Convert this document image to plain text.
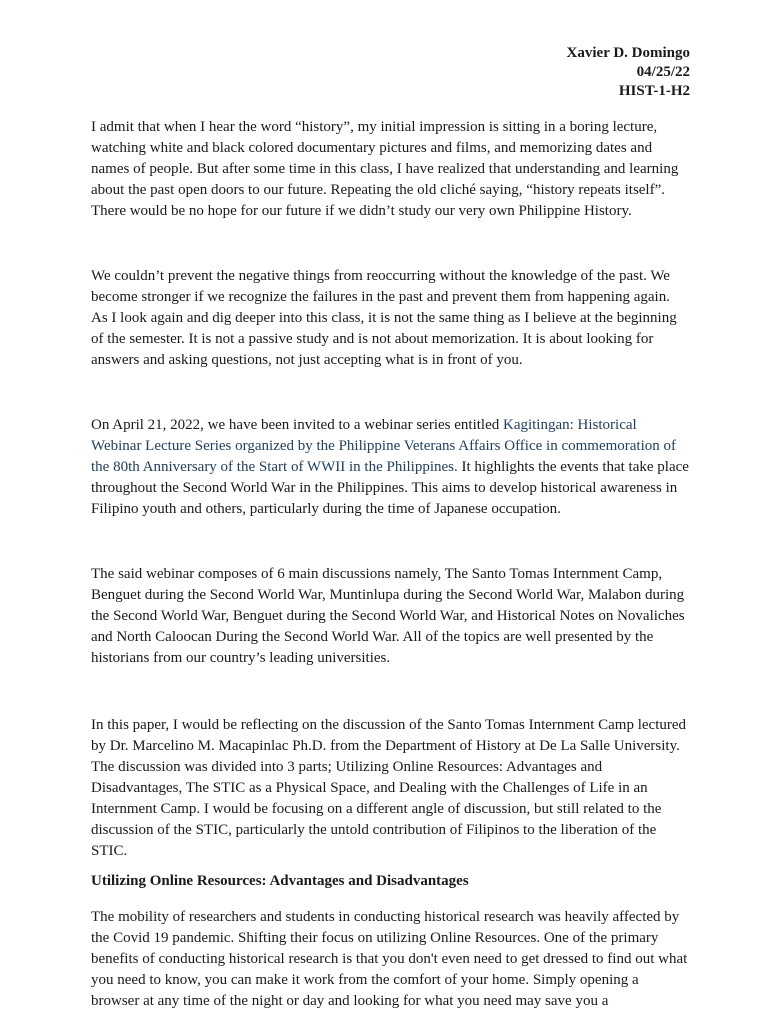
Xavier D. Domingo
04/25/22
HIST-1-H2

I admit that when I hear the word “history”, my initial impression is sitting in a boring lecture, watching white and black colored documentary pictures and films, and memorizing dates and names of people. But after some time in this class, I have realized that understanding and learning about the past open doors to our future. Repeating the old cliché saying, “history repeats itself”. There would be no hope for our future if we didn’t study our very own Philippine History.

We couldn’t prevent the negative things from reoccurring without the knowledge of the past. We become stronger if we recognize the failures in the past and prevent them from happening again. As I look again and dig deeper into this class, it is not the same thing as I believe at the beginning of the semester. It is not a passive study and is not about memorization. It is about looking for answers and asking questions, not just accepting what is in front of you.

On April 21, 2022, we have been invited to a webinar series entitled Kagitingan: Historical Webinar Lecture Series organized by the Philippine Veterans Affairs Office in commemoration of the 80th Anniversary of the Start of WWII in the Philippines. It highlights the events that take place throughout the Second World War in the Philippines. This aims to develop historical awareness in Filipino youth and others, particularly during the time of Japanese occupation.

The said webinar composes of 6 main discussions namely, The Santo Tomas Internment Camp, Benguet during the Second World War, Muntinlupa during the Second World War, Malabon during the Second World War, Benguet during the Second World War, and Historical Notes on Novaliches and North Caloocan During the Second World War. All of the topics are well presented by the historians from our country’s leading universities.

In this paper, I would be reflecting on the discussion of the Santo Tomas Internment Camp lectured by Dr. Marcelino M. Macapinlac Ph.D. from the Department of History at De La Salle University. The discussion was divided into 3 parts; Utilizing Online Resources: Advantages and Disadvantages, The STIC as a Physical Space, and Dealing with the Challenges of Life in an Internment Camp. I would be focusing on a different angle of discussion, but still related to the discussion of the STIC, particularly the untold contribution of Filipinos to the liberation of the STIC.

Utilizing Online Resources: Advantages and Disadvantages

The mobility of researchers and students in conducting historical research was heavily affected by the Covid 19 pandemic. Shifting their focus on utilizing Online Resources. One of the primary benefits of conducting historical research is that you don't even need to get dressed to find out what you need to know, you can make it work from the comfort of your home. Simply opening a browser at any time of the night or day and looking for what you need may save you a
